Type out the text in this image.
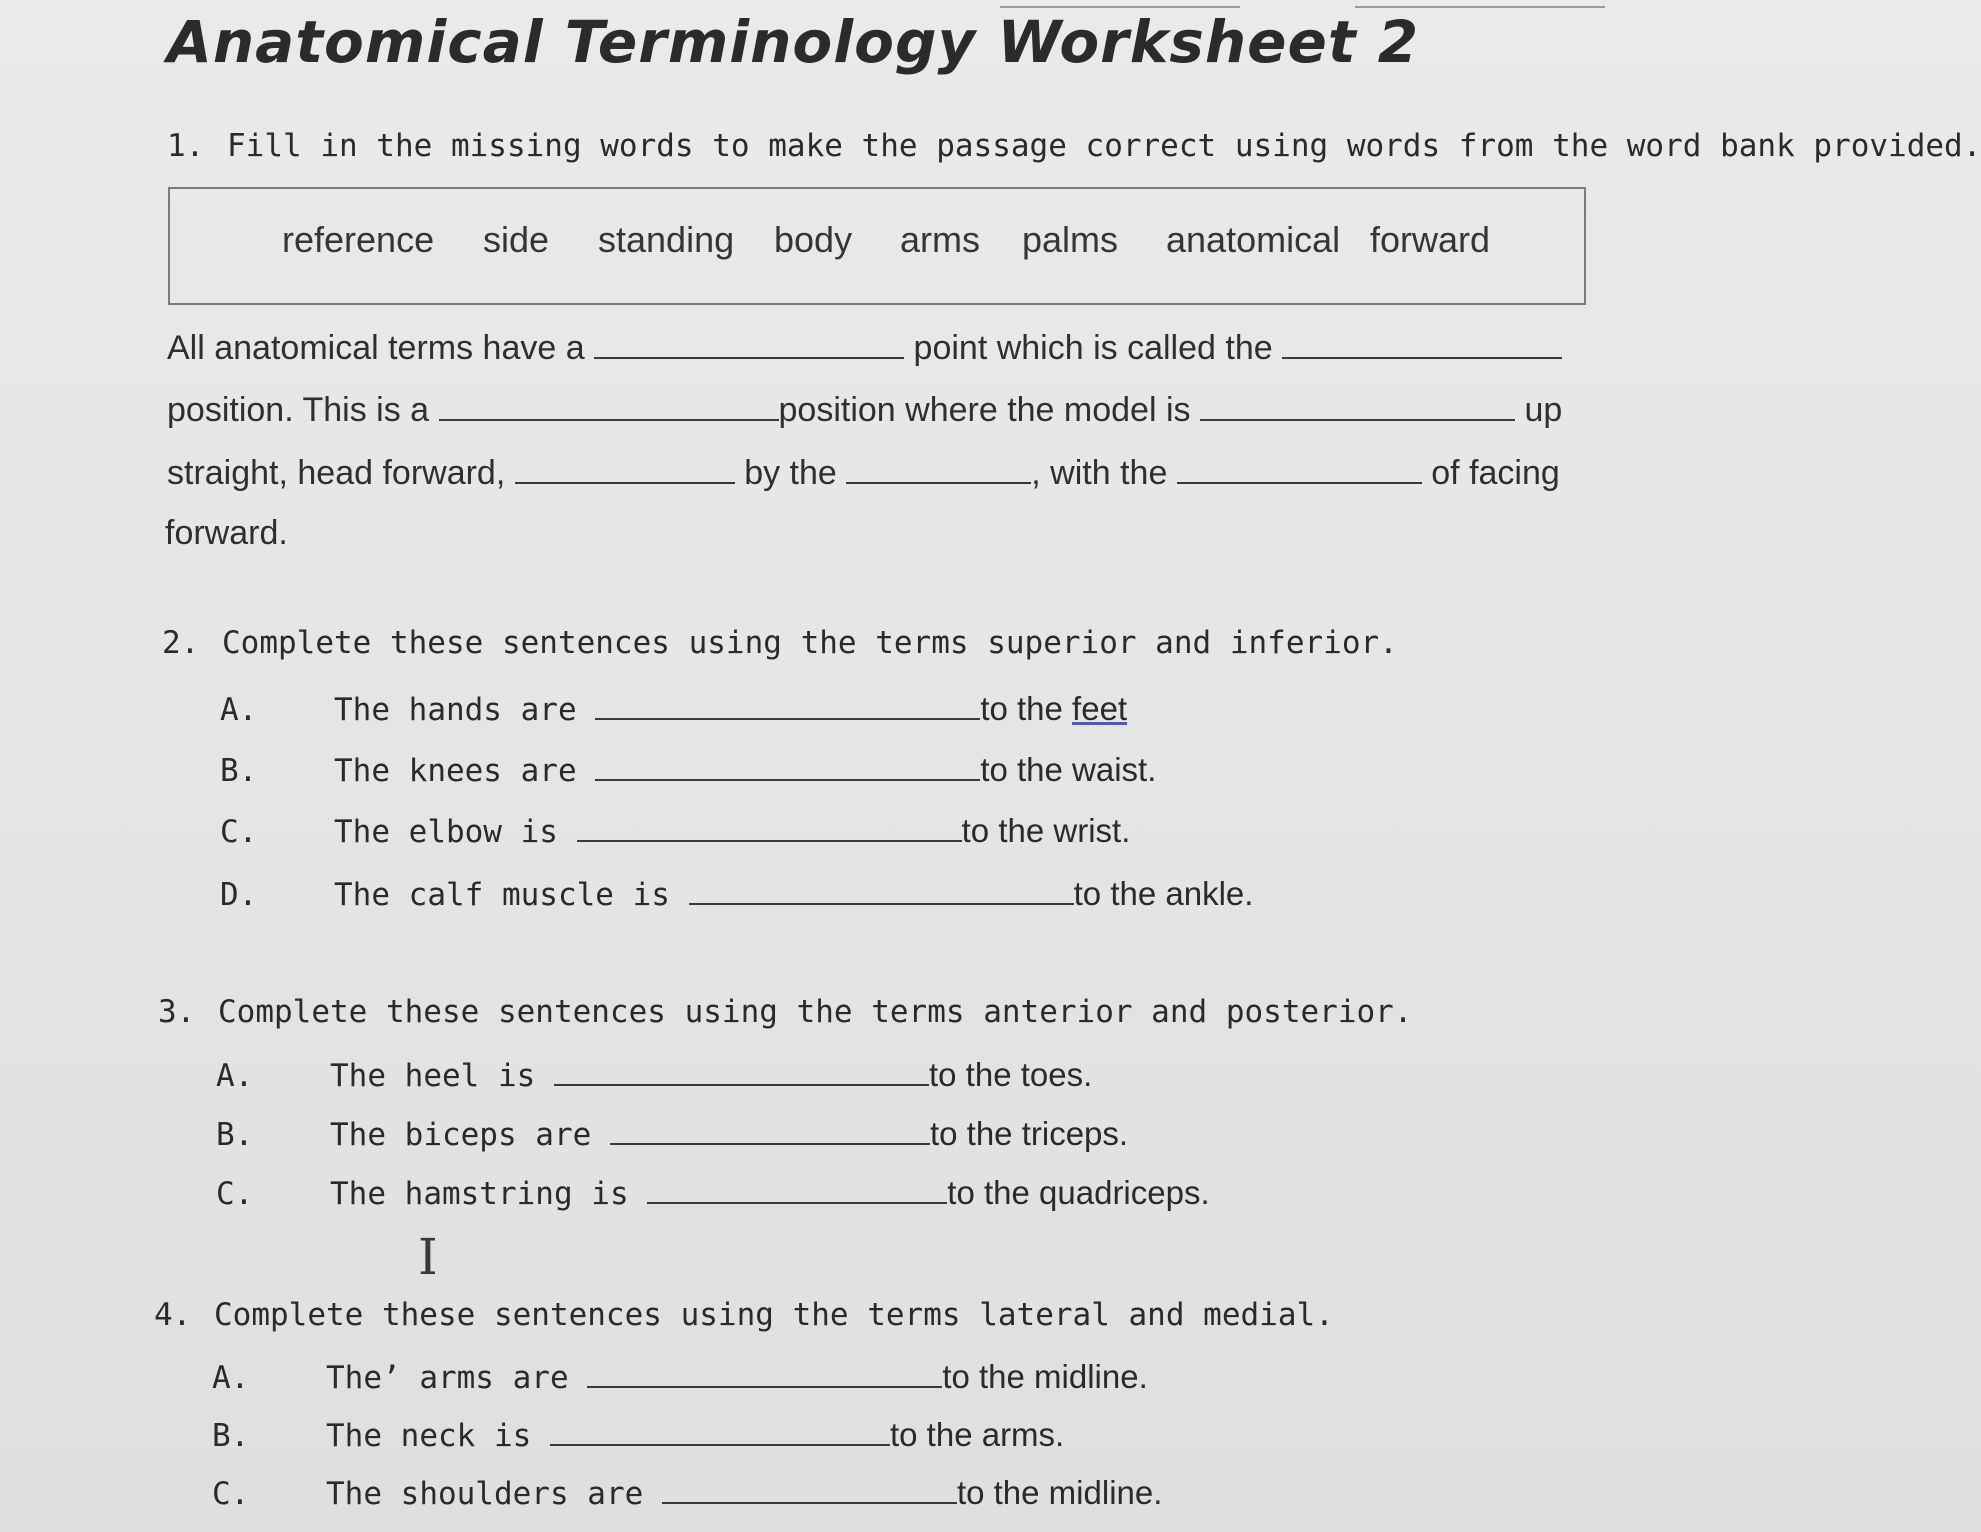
Anatomical Terminology Worksheet 2
1. Fill in the missing words to make the passage correct using words from the word bank provided.
reference side standing body arms palms anatomical forward
All anatomical terms have a	point which is called the
position. This is a	position where the model is	up
straight, head forward,	by the	, with the	of facing
forward.
2. Complete these sentences using the terms superior and inferior.
A. The hands are	to the feet
B. The knees are	to the waist.
C. The elbow is	to the wrist.
D. The calf muscle is	to the ankle.
3. Complete these sentences using the terms anterior and posterior.
A. The heel is	to the toes.
B. The biceps are	to the triceps.
C. The hamstring is	to the quadriceps.
I
4. Complete these sentences using the terms lateral and medial.
A. The’ arms are	to the midline.
B. The neck is	to the arms.
C. The shoulders are	to the midline.
